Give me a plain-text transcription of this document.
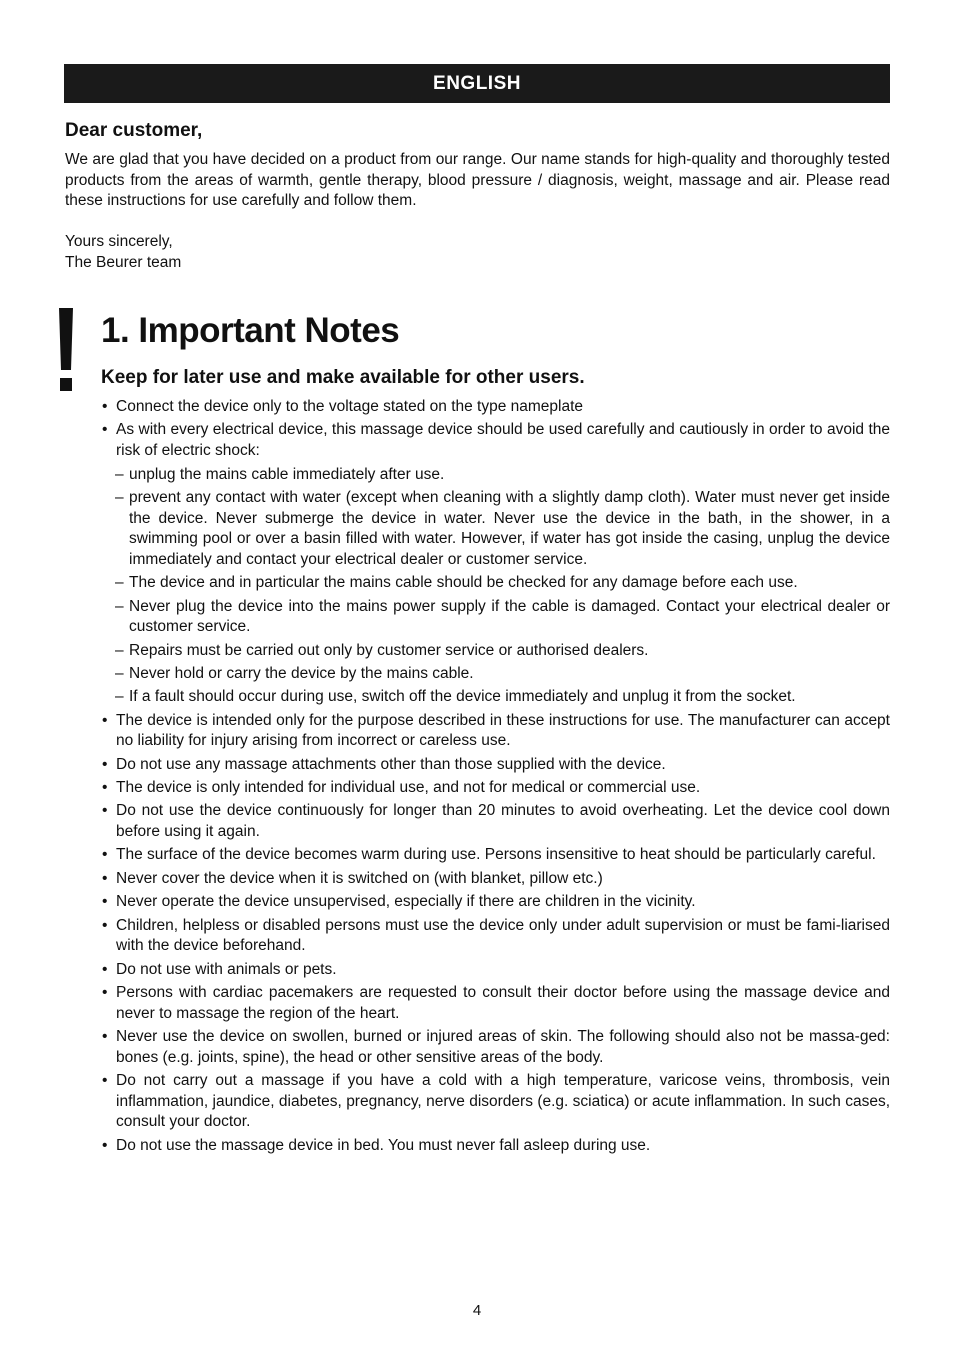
ENGLISH
Dear customer,

We are glad that you have decided on a product from our range. Our name stands for high-quality and thoroughly tested products from the areas of warmth, gentle therapy, blood pressure / diagnosis, weight, massage and air. Please read these instructions for use carefully and follow them.

Yours sincerely,
The Beurer team
1. Important Notes
Keep for later use and make available for other users.
• Connect the device only to the voltage stated on the type nameplate
• As with every electrical device, this massage device should be used carefully and cautiously in order to avoid the risk of electric shock:
– unplug the mains cable immediately after use.
– prevent any contact with water (except when cleaning with a slightly damp cloth). Water must never get inside the device. Never submerge the device in water. Never use the device in the bath, in the shower, in a swimming pool or over a basin filled with water. However, if water has got inside the casing, unplug the device immediately and contact your electrical dealer or customer service.
– The device and in particular the mains cable should be checked for any damage before each use.
– Never plug the device into the mains power supply if the cable is damaged. Contact your electrical dealer or customer service.
– Repairs must be carried out only by customer service or authorised dealers.
– Never hold or carry the device by the mains cable.
– If a fault should occur during use, switch off the device immediately and unplug it from the socket.
• The device is intended only for the purpose described in these instructions for use. The manufacturer can accept no liability for injury arising from incorrect or careless use.
• Do not use any massage attachments other than those supplied with the device.
• The device is only intended for individual use, and not for medical or commercial use.
• Do not use the device continuously for longer than 20 minutes to avoid overheating. Let the device cool down before using it again.
• The surface of the device becomes warm during use. Persons insensitive to heat should be particularly careful.
• Never cover the device when it is switched on (with blanket, pillow etc.)
• Never operate the device unsupervised, especially if there are children in the vicinity.
• Children, helpless or disabled persons must use the device only under adult supervision or must be fami-liarised with the device beforehand.
• Do not use with animals or pets.
• Persons with cardiac pacemakers are requested to consult their doctor before using the massage device and never to massage the region of the heart.
• Never use the device on swollen, burned or injured areas of skin. The following should also not be massa-ged: bones (e.g. joints, spine), the head or other sensitive areas of the body.
• Do not carry out a massage if you have a cold with a high temperature, varicose veins, thrombosis, vein inflammation, jaundice, diabetes, pregnancy, nerve disorders (e.g. sciatica) or acute inflammation. In such cases, consult your doctor.
• Do not use the massage device in bed. You must never fall asleep during use.
4
